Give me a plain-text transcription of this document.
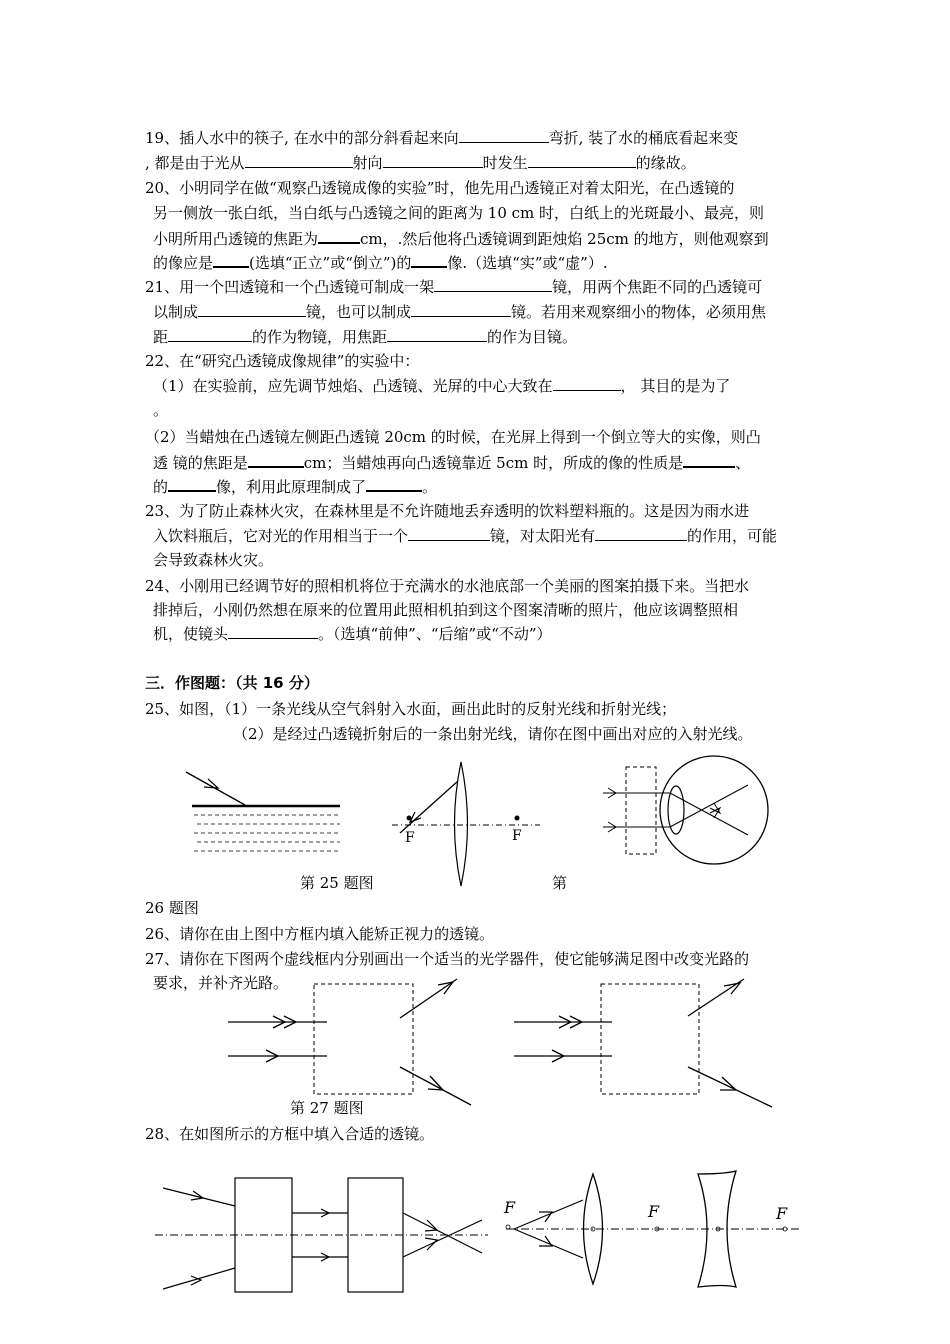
19、插人水中的筷子, 在水中的部分斜看起来向	弯折, 装了水的桶底看起来变
, 都是由于光从	射向	时发生	的缘故。
20、小明同学在做“观察凸透镜成像的实验”时，他先用凸透镜正对着太阳光，在凸透镜的
另一侧放一张白纸，当白纸与凸透镜之间的距离为 10 cm 时，白纸上的光斑最小、最亮，则
小明所用凸透镜的焦距为	cm，.然后他将凸透镜调到距烛焰 25cm 的地方，则他观察到
的像应是 (选填“正立”或“倒立”)的 像.（选填“实”或“虚”）.
21、用一个凹透镜和一个凸透镜可制成一架	镜，用两个焦距不同的凸透镜可
以制成	镜，也可以制成	镜。若用来观察细小的物体，必须用焦
距	的作为物镜，用焦距	的作为目镜。
22、在“研究凸透镜成像规律”的实验中：
（1）在实验前，应先调节烛焰、凸透镜、光屏的中心大致在	， 其目的是为了
。
（2）当蜡烛在凸透镜左侧距凸透镜 20cm 的时候，在光屏上得到一个倒立等大的实像，则凸
透 镜的焦距是	cm；当蜡烛再向凸透镜靠近 5cm 时，所成的像的性质是	、
的	像，利用此原理制成了	。
23、为了防止森林火灾，在森林里是不允许随地丢弃透明的饮料塑料瓶的。这是因为雨水进
入饮料瓶后，它对光的作用相当于一个	镜，对太阳光有	的作用，可能
会导致森林火灾。
24、小刚用已经调节好的照相机将位于充满水的水池底部一个美丽的图案拍摄下来。当把水
排掉后，小刚仍然想在原来的位置用此照相机拍到这个图案清晰的照片，他应该调整照相
机，使镜头	。（选填“前伸”、“后缩”或“不动”）
三．作图题：（共 16 分）
25、如图，（1）一条光线从空气斜射入水面，画出此时的反射光线和折射光线；
（2）是经过凸透镜折射后的一条出射光线，请你在图中画出对应的入射光线。
F	F
第 25 题图	第
26 题图
26、请你在由上图中方框内填入能矫正视力的透镜。
27、请你在下图两个虚线框内分别画出一个适当的光学器件，使它能够满足图中改变光路的
要求，并补齐光路。
第 27 题图
28、在如图所示的方框中填入合适的透镜。
F	F	F
